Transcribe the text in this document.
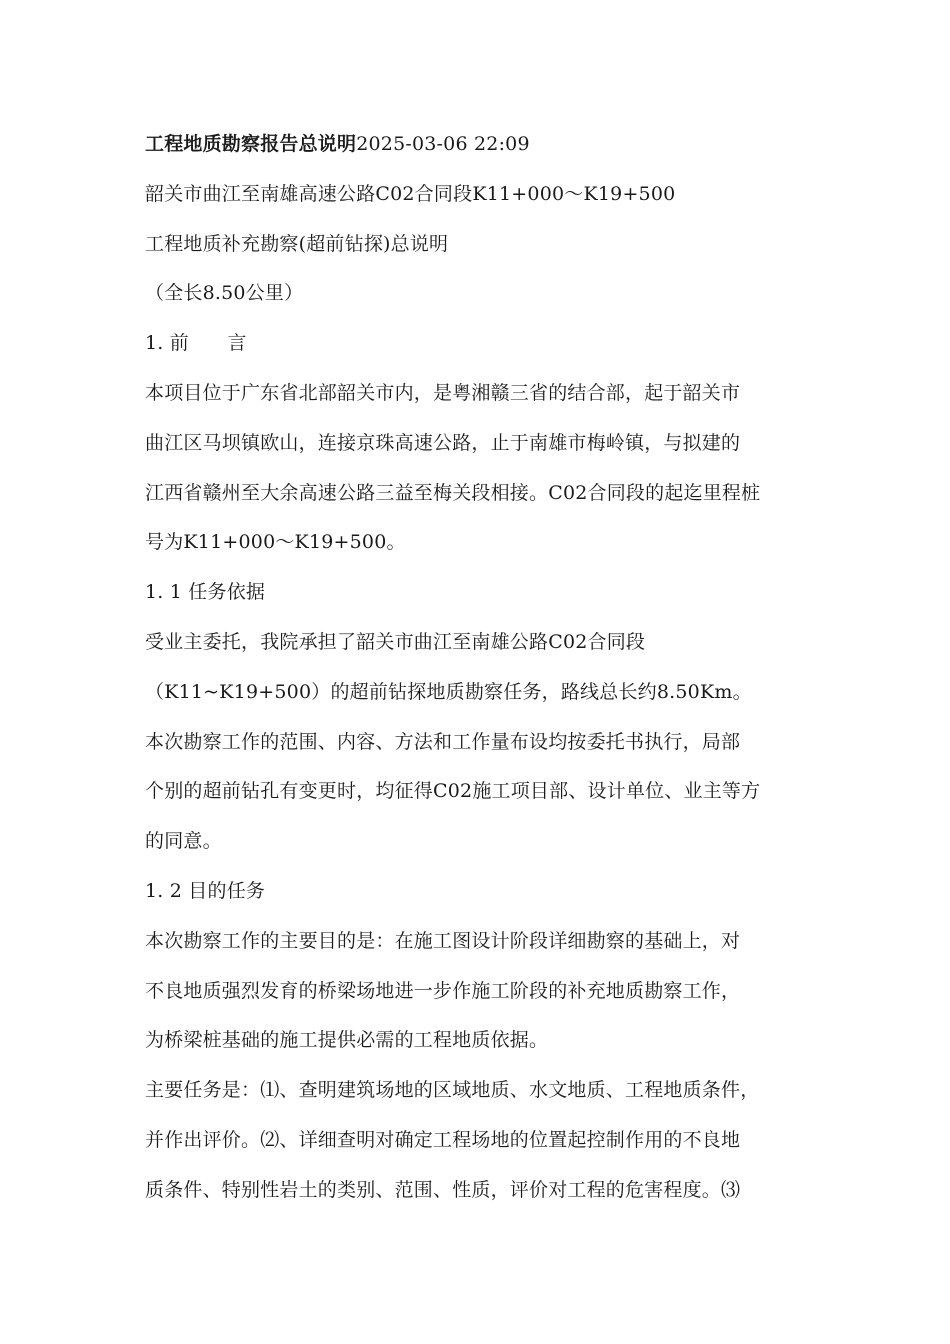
工程地质勘察报告总说明2025-03-06 22:09
韶关市曲江至南雄高速公路C02合同段K11+000～K19+500
工程地质补充勘察(超前钻探)总说明
（全长8.50公里）
1. 前　　言
本项目位于广东省北部韶关市内，是粤湘赣三省的结合部，起于韶关市
曲江区马坝镇欧山，连接京珠高速公路，止于南雄市梅岭镇，与拟建的
江西省赣州至大余高速公路三益至梅关段相接。C02合同段的起迄里程桩
号为K11+000～K19+500。
1. 1 任务依据
受业主委托，我院承担了韶关市曲江至南雄公路C02合同段
（K11~K19+500）的超前钻探地质勘察任务，路线总长约8.50Km。
本次勘察工作的范围、内容、方法和工作量布设均按委托书执行，局部
个别的超前钻孔有变更时，均征得C02施工项目部、设计单位、业主等方
的同意。
1. 2 目的任务
本次勘察工作的主要目的是：在施工图设计阶段详细勘察的基础上，对
不良地质强烈发育的桥梁场地进一步作施工阶段的补充地质勘察工作，
为桥梁桩基础的施工提供必需的工程地质依据。
主要任务是：⑴、查明建筑场地的区域地质、水文地质、工程地质条件，
并作出评价。⑵、详细查明对确定工程场地的位置起控制作用的不良地
质条件、特别性岩土的类别、范围、性质，评价对工程的危害程度。⑶
